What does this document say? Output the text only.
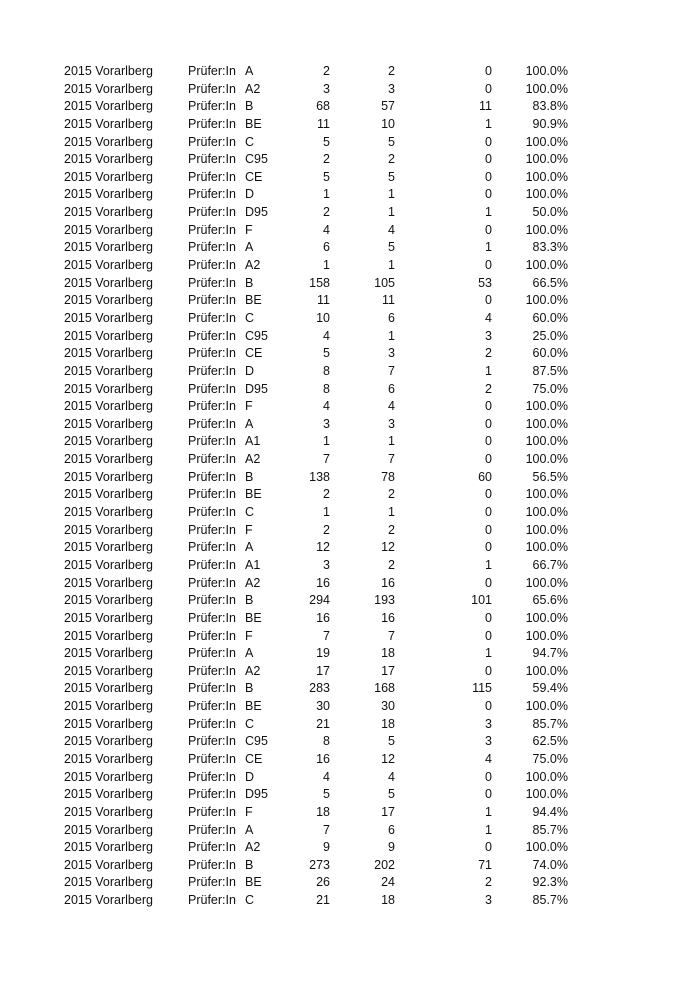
2015 Vorarlberg	Prüfer:In A	2	2	0	100.0%
2015 Vorarlberg	Prüfer:In A2	3	3	0	100.0%
2015 Vorarlberg	Prüfer:In B	68	57	11	83.8%
2015 Vorarlberg	Prüfer:In BE	11	10	1	90.9%
2015 Vorarlberg	Prüfer:In C	5	5	0	100.0%
2015 Vorarlberg	Prüfer:In C95	2	2	0	100.0%
2015 Vorarlberg	Prüfer:In CE	5	5	0	100.0%
2015 Vorarlberg	Prüfer:In D	1	1	0	100.0%
2015 Vorarlberg	Prüfer:In D95	2	1	1	50.0%
2015 Vorarlberg	Prüfer:In F	4	4	0	100.0%
2015 Vorarlberg	Prüfer:In A	6	5	1	83.3%
2015 Vorarlberg	Prüfer:In A2	1	1	0	100.0%
2015 Vorarlberg	Prüfer:In B	158	105	53	66.5%
2015 Vorarlberg	Prüfer:In BE	11	11	0	100.0%
2015 Vorarlberg	Prüfer:In C	10	6	4	60.0%
2015 Vorarlberg	Prüfer:In C95	4	1	3	25.0%
2015 Vorarlberg	Prüfer:In CE	5	3	2	60.0%
2015 Vorarlberg	Prüfer:In D	8	7	1	87.5%
2015 Vorarlberg	Prüfer:In D95	8	6	2	75.0%
2015 Vorarlberg	Prüfer:In F	4	4	0	100.0%
2015 Vorarlberg	Prüfer:In A	3	3	0	100.0%
2015 Vorarlberg	Prüfer:In A1	1	1	0	100.0%
2015 Vorarlberg	Prüfer:In A2	7	7	0	100.0%
2015 Vorarlberg	Prüfer:In B	138	78	60	56.5%
2015 Vorarlberg	Prüfer:In BE	2	2	0	100.0%
2015 Vorarlberg	Prüfer:In C	1	1	0	100.0%
2015 Vorarlberg	Prüfer:In F	2	2	0	100.0%
2015 Vorarlberg	Prüfer:In A	12	12	0	100.0%
2015 Vorarlberg	Prüfer:In A1	3	2	1	66.7%
2015 Vorarlberg	Prüfer:In A2	16	16	0	100.0%
2015 Vorarlberg	Prüfer:In B	294	193	101	65.6%
2015 Vorarlberg	Prüfer:In BE	16	16	0	100.0%
2015 Vorarlberg	Prüfer:In F	7	7	0	100.0%
2015 Vorarlberg	Prüfer:In A	19	18	1	94.7%
2015 Vorarlberg	Prüfer:In A2	17	17	0	100.0%
2015 Vorarlberg	Prüfer:In B	283	168	115	59.4%
2015 Vorarlberg	Prüfer:In BE	30	30	0	100.0%
2015 Vorarlberg	Prüfer:In C	21	18	3	85.7%
2015 Vorarlberg	Prüfer:In C95	8	5	3	62.5%
2015 Vorarlberg	Prüfer:In CE	16	12	4	75.0%
2015 Vorarlberg	Prüfer:In D	4	4	0	100.0%
2015 Vorarlberg	Prüfer:In D95	5	5	0	100.0%
2015 Vorarlberg	Prüfer:In F	18	17	1	94.4%
2015 Vorarlberg	Prüfer:In A	7	6	1	85.7%
2015 Vorarlberg	Prüfer:In A2	9	9	0	100.0%
2015 Vorarlberg	Prüfer:In B	273	202	71	74.0%
2015 Vorarlberg	Prüfer:In BE	26	24	2	92.3%
2015 Vorarlberg	Prüfer:In C	21	18	3	85.7%
